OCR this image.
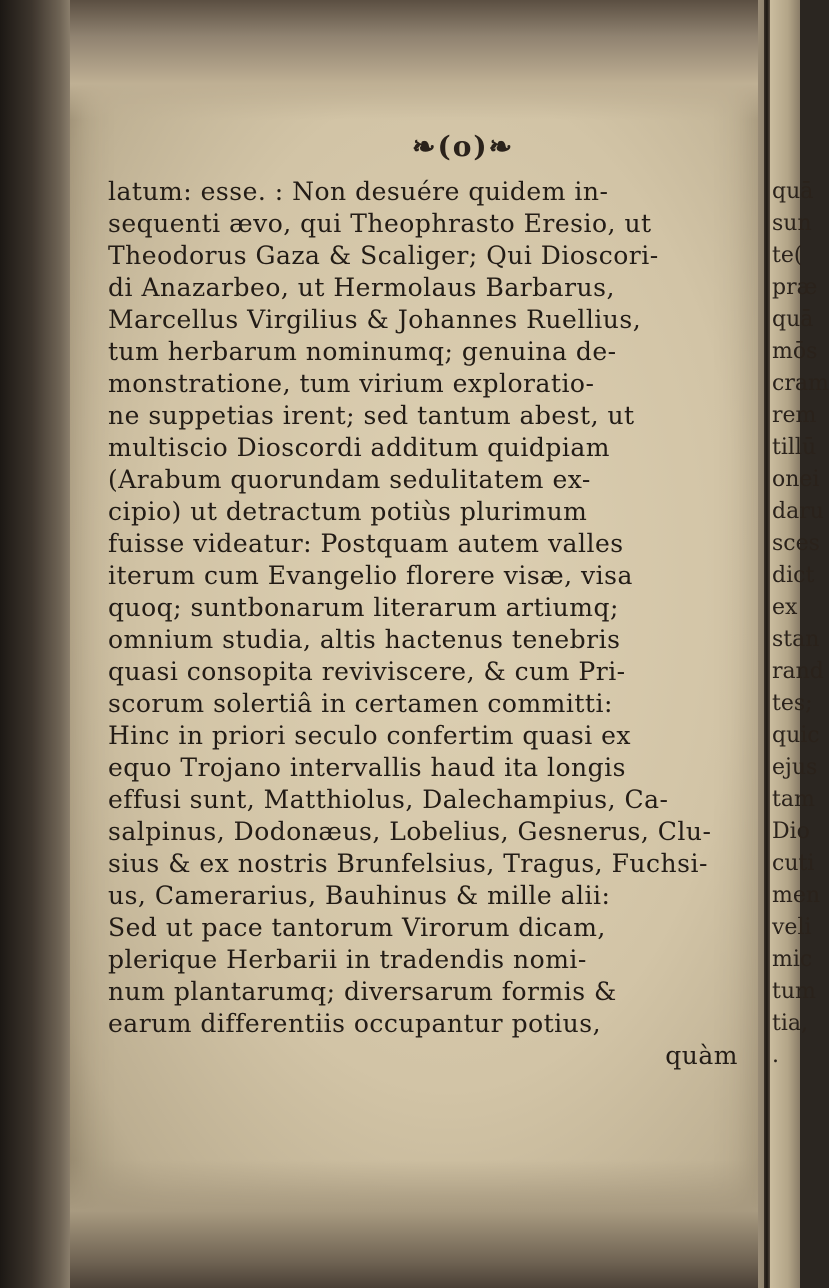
❧(o)❧
latum: esse. : Non desuére quidem in-
sequenti ævo, qui Theophrasto Eresio, ut
Theodorus Gaza & Scaliger; Qui Dioscori-
di Anazarbeo, ut Hermolaus Barbarus,
Marcellus Virgilius & Johannes Ruellius,
tum herbarum nominumq; genuina de-
monstratione, tum virium exploratio-
ne suppetias irent; sed tantum abest, ut
multiscio Dioscordi additum quidpiam
(Arabum quorundam sedulitatem ex-
cipio) ut detractum potiùs plurimum
fuisse videatur: Postquam autem valles
iterum cum Evangelio florere visæ, visa
quoq; suntbonarum literarum artiumq;
omnium studia, altis hactenus tenebris
quasi consopita reviviscere, & cum Pri-
scorum solertiâ in certamen committi:
Hinc in priori seculo confertim quasi ex
equo Trojano intervallis haud ita longis
effusi sunt, Matthiolus, Dalechampius, Ca-
salpinus, Dodonæus, Lobelius, Gesnerus, Clu-
sius & ex nostris Brunfelsius, Tragus, Fuchsi-
us, Camerarius, Bauhinus & mille alii:
Sed ut pace tantorum Virorum dicam,
plerique Herbarii in tradendis nomi-
num plantarumq; diversarum formis &
earum differentiis occupantur potius,
quàm
quā
sun
te(
præ
quā
mōs
cram
rem
tillū
onei
daru
sces
dict
ex
stan
rand
tes;
quic
ejus
tam
Dio
cuti
men
veli
mic
tum
tia,
.
